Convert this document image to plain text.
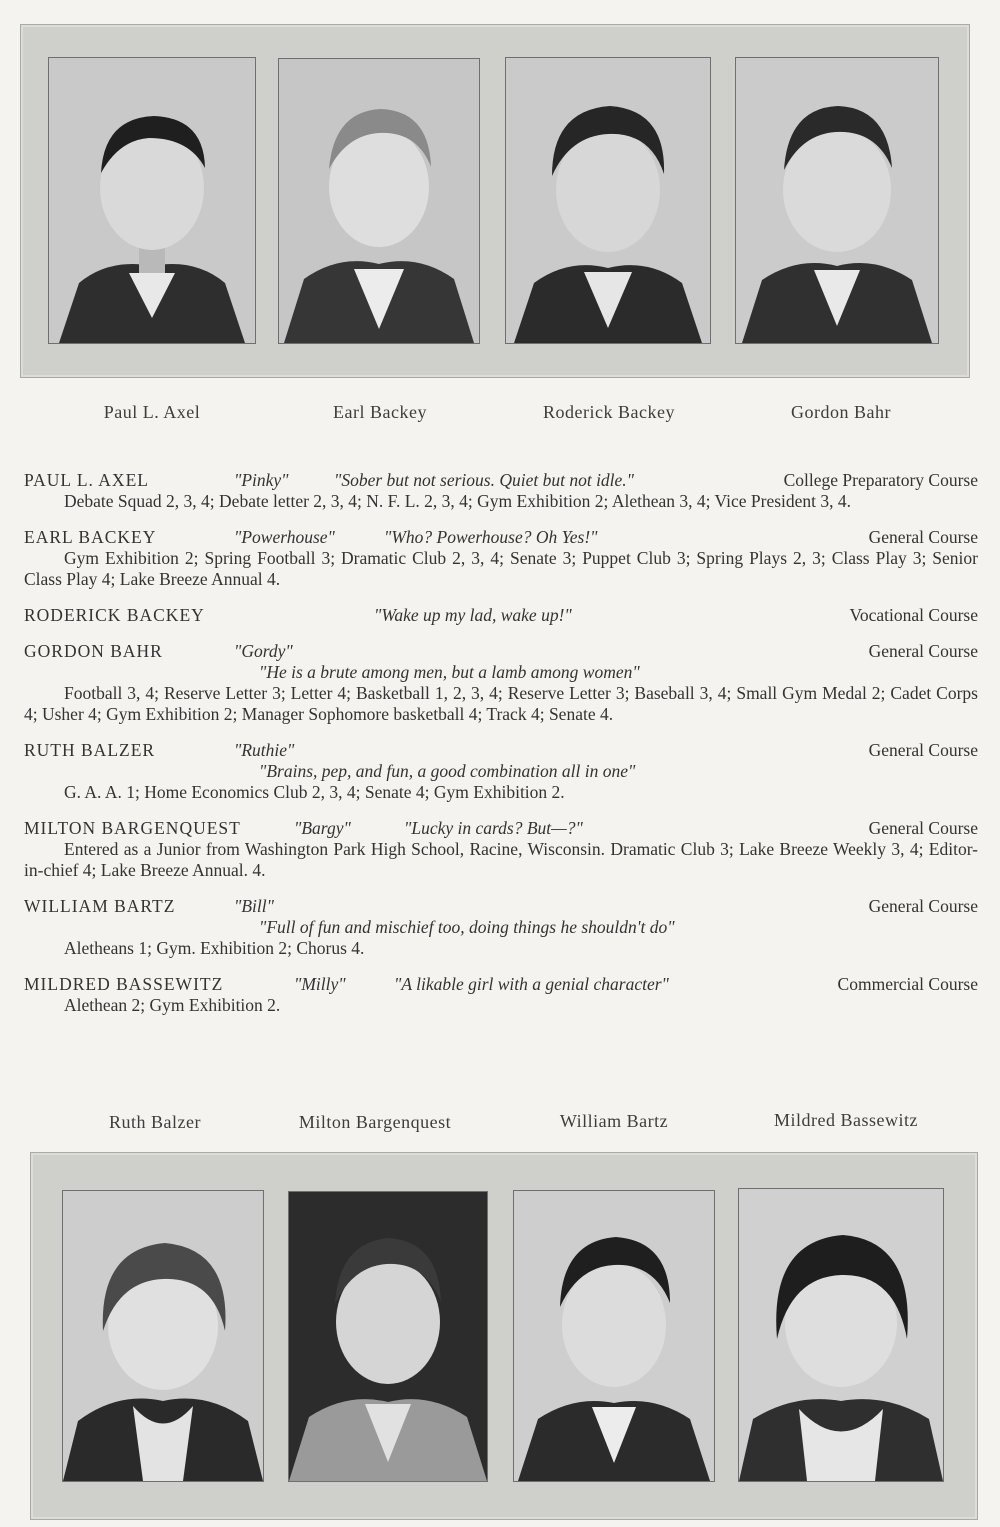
Paul L. Axel	Earl Backey	Roderick Backey	Gordon Bahr
PAUL L. AXEL	"Pinky"	"Sober but not serious. Quiet but not idle."	College Preparatory Course
Debate Squad 2, 3, 4; Debate letter 2, 3, 4; N. F. L. 2, 3, 4; Gym Exhibition 2; Alethean 3, 4; Vice President 3, 4.
EARL BACKEY	"Powerhouse"	"Who? Powerhouse? Oh Yes!"	General Course
Gym Exhibition 2; Spring Football 3; Dramatic Club 2, 3, 4; Senate 3; Puppet Club 3; Spring Plays 2, 3; Class Play 3; Senior Class Play 4; Lake Breeze Annual 4.
RODERICK BACKEY	"Wake up my lad, wake up!"	Vocational Course
GORDON BAHR	"Gordy"	General Course
"He is a brute among men, but a lamb among women"
Football 3, 4; Reserve Letter 3; Letter 4; Basketball 1, 2, 3, 4; Reserve Letter 3; Baseball 3, 4; Small Gym Medal 2; Cadet Corps 4; Usher 4; Gym Exhibition 2; Manager Sophomore basketball 4; Track 4; Senate 4.
RUTH BALZER	"Ruthie"	General Course
"Brains, pep, and fun, a good combination all in one"
G. A. A. 1; Home Economics Club 2, 3, 4; Senate 4; Gym Exhibition 2.
MILTON BARGENQUEST	"Bargy"	"Lucky in cards? But—?"	General Course
Entered as a Junior from Washington Park High School, Racine, Wisconsin. Dramatic Club 3; Lake Breeze Weekly 3, 4; Editor-in-chief 4; Lake Breeze Annual. 4.
WILLIAM BARTZ	"Bill"	General Course
"Full of fun and mischief too, doing things he shouldn't do"
Aletheans 1; Gym. Exhibition 2; Chorus 4.
MILDRED BASSEWITZ	"Milly"	"A likable girl with a genial character"	Commercial Course
Alethean 2; Gym Exhibition 2.
Ruth Balzer	Milton Bargenquest	William Bartz	Mildred Bassewitz
